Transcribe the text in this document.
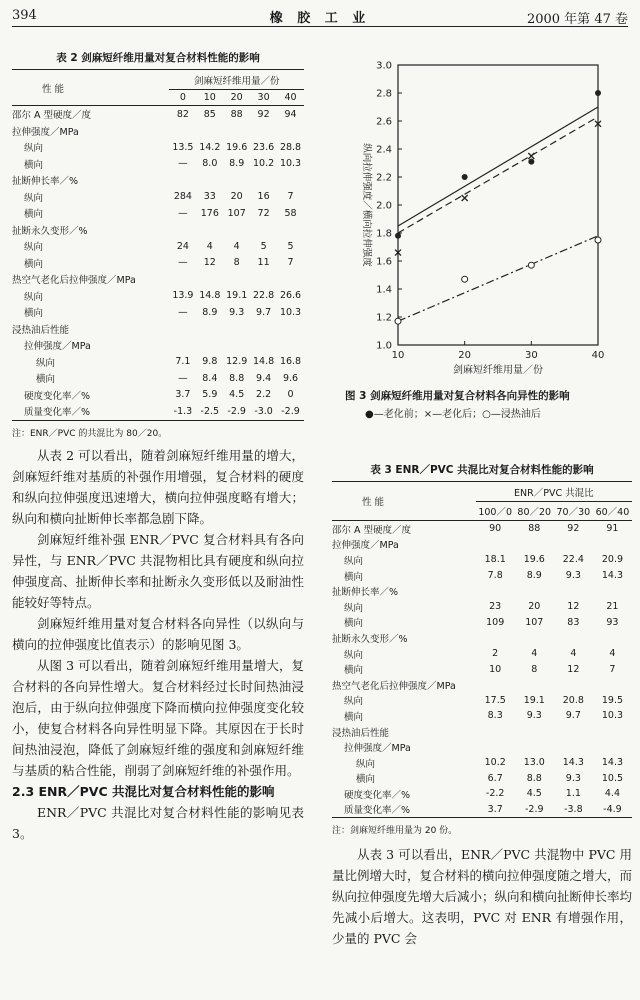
394	橡 胶 工 业	2000 年第 47 卷
表 2 剑麻短纤维用量对复合材料性能的影响
性 能	剑麻短纤维用量／份				
	0	10	20	30	40
邵尔 A 型硬度／度	82	85	88	92	94
拉伸强度／MPa					
纵向	13.5	14.2	19.6	23.6	28.8
横向	—	8.0	8.9	10.2	10.3
扯断伸长率／%					
纵向	284	33	20	16	7
横向	—	176	107	72	58
扯断永久变形／%					
纵向	24	4	4	5	5
横向	—	12	8	11	7
热空气老化后拉伸强度／MPa					
纵向	13.9	14.8	19.1	22.8	26.6
横向	—	8.9	9.3	9.7	10.3
浸热油后性能					
拉伸强度／MPa					
纵向	7.1	9.8	12.9	14.8	16.8
横向	—	8.4	8.8	9.4	9.6
硬度变化率／%	3.7	5.9	4.5	2.2	0
质量变化率／%	-1.3	-2.5	-2.9	-3.0	-2.9
注：ENR／PVC 的共混比为 80／20。

从表 2 可以看出，随着剑麻短纤维用量的增大，剑麻短纤维对基质的补强作用增强，复合材料的硬度和纵向拉伸强度迅速增大，横向拉伸强度略有增大；纵向和横向扯断伸长率都急剧下降。

剑麻短纤维补强 ENR／PVC 复合材料具有各向异性，与 ENR／PVC 共混物相比具有硬度和纵向拉伸强度高、扯断伸长率和扯断永久变形低以及耐油性能较好等特点。

剑麻短纤维用量对复合材料各向异性（以纵向与横向的拉伸强度比值表示）的影响见图 3。

从图 3 可以看出，随着剑麻短纤维用量增大，复合材料的各向异性增大。复合材料经过长时间热油浸泡后，由于纵向拉伸强度下降而横向拉伸强度变化较小，使复合材料各向异性明显下降。其原因在于长时间热油浸泡，降低了剑麻短纤维的强度和剑麻短纤维与基质的粘合性能，削弱了剑麻短纤维的补强作用。

2.3 ENR／PVC 共混比对复合材料性能的影响

ENR／PVC 共混比对复合材料性能的影响见表 3。

1.0
1.2
1.4
1.6
1.8
2.0
2.2
2.4
2.6
2.8
3.0
10	20	30	40
剑麻短纤维用量／份
纵向拉伸强度／横向拉伸强度
图 3 剑麻短纤维用量对复合材料各向异性的影响
●—老化前；×—老化后；○—浸热油后
表 3 ENR／PVC 共混比对复合材料性能的影响
性 能	ENR／PVC 共混比			
	100／0	80／20	70／30	60／40
邵尔 A 型硬度／度	90	88	92	91
拉伸强度／MPa				
纵向	18.1	19.6	22.4	20.9
横向	7.8	8.9	9.3	14.3
扯断伸长率／%				
纵向	23	20	12	21
横向	109	107	83	93
扯断永久变形／%				
纵向	2	4	4	4
横向	10	8	12	7
热空气老化后拉伸强度／MPa				
纵向	17.5	19.1	20.8	19.5
横向	8.3	9.3	9.7	10.3
浸热油后性能				
拉伸强度／MPa				
纵向	10.2	13.0	14.3	14.3
横向	6.7	8.8	9.3	10.5
硬度变化率／%	-2.2	4.5	1.1	4.4
质量变化率／%	3.7	-2.9	-3.8	-4.9
注：剑麻短纤维用量为 20 份。

从表 3 可以看出，ENR／PVC 共混物中 PVC 用量比例增大时，复合材料的横向拉伸强度随之增大，而纵向拉伸强度先增大后减小；纵向和横向扯断伸长率均先减小后增大。这表明，PVC 对 ENR 有增强作用，少量的 PVC 会
